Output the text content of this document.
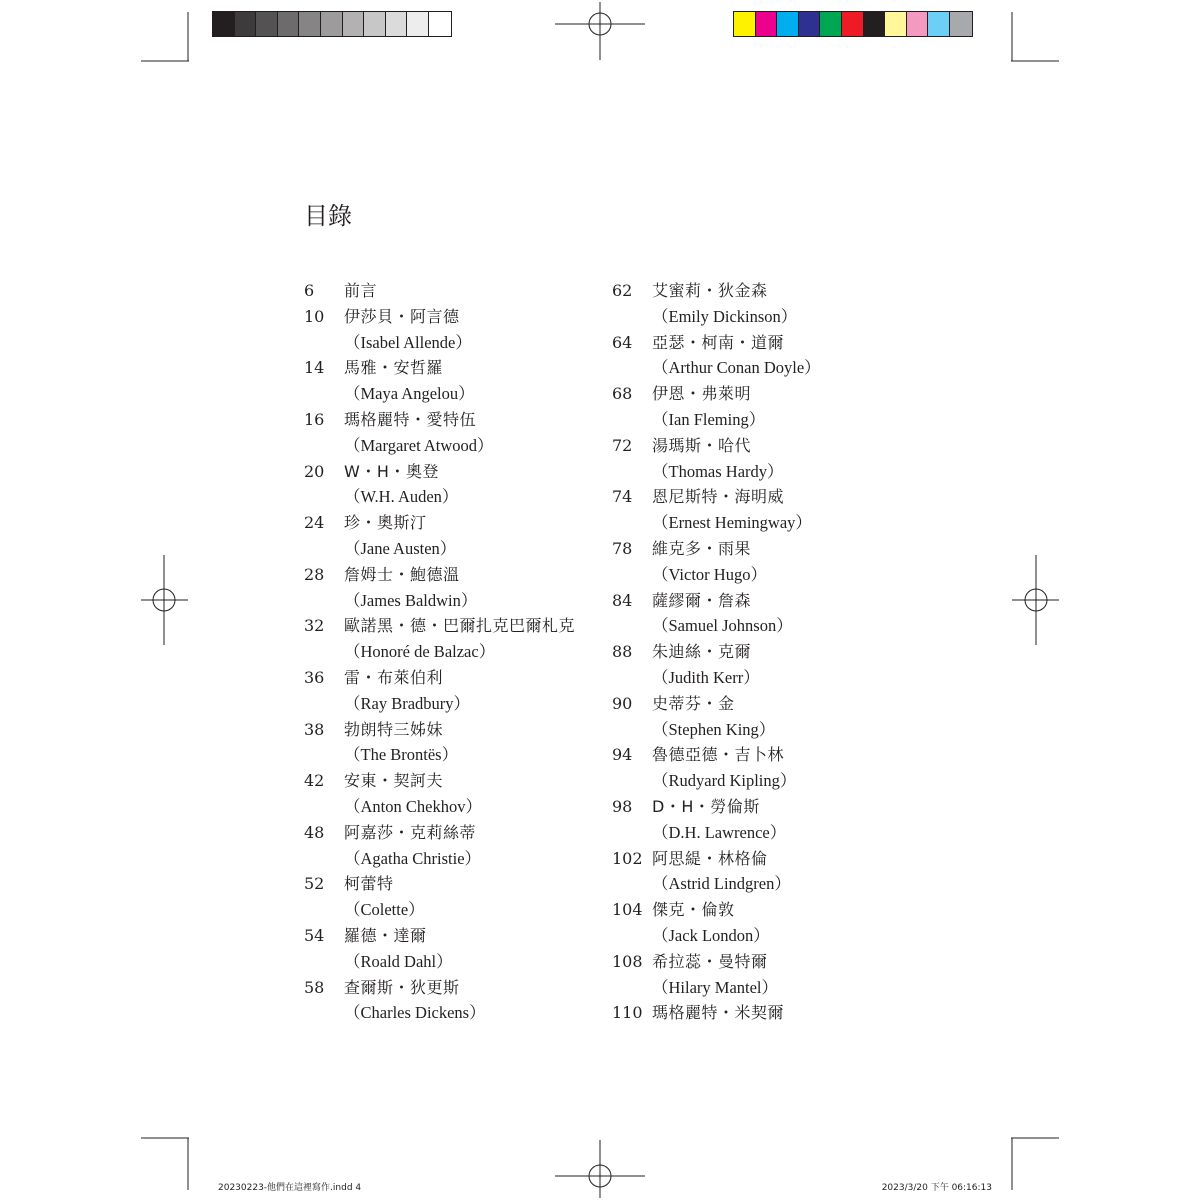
目錄
6	前言
10	伊莎貝・阿言德
（Isabel Allende）
14	馬雅・安哲羅
（Maya Angelou）
16	瑪格麗特・愛特伍
（Margaret Atwood）
20	W・H・奧登
（W.H. Auden）
24	珍・奧斯汀
（Jane Austen）
28	詹姆士・鮑德溫
（James Baldwin）
32	歐諾黑・德・巴爾扎克巴爾札克
（Honoré de Balzac）
36	雷・布萊伯利
（Ray Bradbury）
38	勃朗特三姊妹
（The Brontës）
42	安東・契訶夫
（Anton Chekhov）
48	阿嘉莎・克莉絲蒂
（Agatha Christie）
52	柯蕾特
（Colette）
54	羅德・達爾
（Roald Dahl）
58	查爾斯・狄更斯
（Charles Dickens）
62	艾蜜莉・狄金森
（Emily Dickinson）
64	亞瑟・柯南・道爾
（Arthur Conan Doyle）
68	伊恩・弗萊明
（Ian Fleming）
72	湯瑪斯・哈代
（Thomas Hardy）
74	恩尼斯特・海明威
（Ernest Hemingway）
78	維克多・雨果
（Victor Hugo）
84	薩繆爾・詹森
（Samuel Johnson）
88	朱迪絲・克爾
（Judith Kerr）
90	史蒂芬・金
（Stephen King）
94	魯德亞德・吉卜林
（Rudyard Kipling）
98	D・H・勞倫斯
（D.H. Lawrence）
102 阿思緹・林格倫
（Astrid Lindgren）
104 傑克・倫敦
（Jack London）
108 希拉蕊・曼特爾
（Hilary Mantel）
110 瑪格麗特・米契爾
20230223-他們在這裡寫作.indd 4	2023/3/20 下午 06:16:13
